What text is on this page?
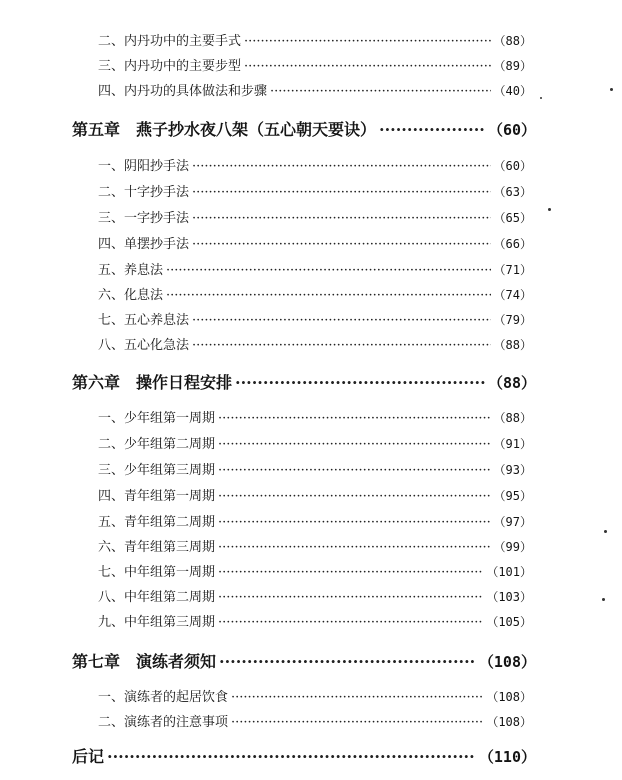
二、内丹功中的主要手式 ·····	（88）
三、内丹功中的主要步型 ·····	（89）
四、内丹功的具体做法和步骤 ·····	（40）
第五章　燕子抄水夜八架（五心朝天要诀） ·····	（60）
一、阴阳抄手法 ·····	（60）
二、十字抄手法 ·····	（63）
三、一字抄手法 ·····	（65）
四、单摆抄手法 ·····	（66）
五、养息法 ·····	（71）
六、化息法 ·····	（74）
七、五心养息法 ·····	（79）
八、五心化急法 ·····	（88）
第六章　操作日程安排 ·····	（88）
一、少年组第一周期 ·····	（88）
二、少年组第二周期 ·····	（91）
三、少年组第三周期 ·····	（93）
四、青年组第一周期 ·····	（95）
五、青年组第二周期 ·····	（97）
六、青年组第三周期 ·····	（99）
七、中年组第一周期 ·····	（101）
八、中年组第二周期 ·····	（103）
九、中年组第三周期 ·····	（105）
第七章　演练者须知 ·····	（108）
一、演练者的起居饮食 ·····	（108）
二、演练者的注意事项 ·····	（108）
后记 ·····	（110）
